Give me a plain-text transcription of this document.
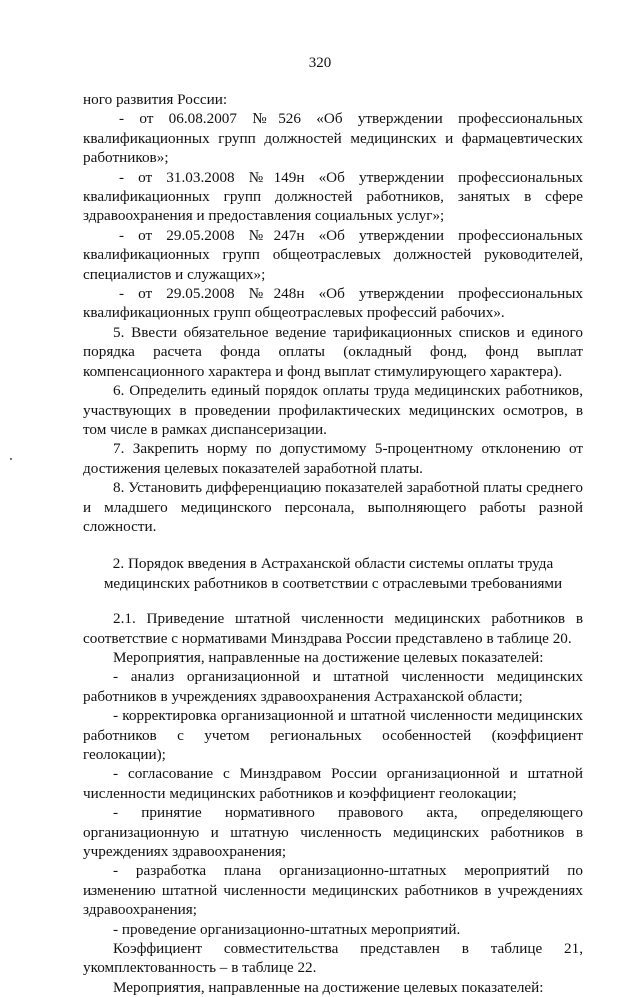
320

ного развития России:

- от 06.08.2007 №526 «Об утверждении профессиональных квалификационных групп должностей медицинских и фармацевтических работников»;

- от 31.03.2008 №149н «Об утверждении профессиональных квалификационных групп должностей работников, занятых в сфере здравоохранения и предоставления социальных услуг»;

- от 29.05.2008 №247н «Об утверждении профессиональных квалификационных групп общеотраслевых должностей руководителей, специалистов и служащих»;

- от 29.05.2008 №248н «Об утверждении профессиональных квалификационных групп общеотраслевых профессий рабочих».

5. Ввести обязательное ведение тарификационных списков и единого порядка расчета фонда оплаты (окладный фонд, фонд выплат компенсационного характера и фонд выплат стимулирующего характера).

6. Определить единый порядок оплаты труда медицинских работников, участвующих в проведении профилактических медицинских осмотров, в том числе в рамках диспансеризации.

7. Закрепить норму по допустимому 5-процентному отклонению от достижения целевых показателей заработной платы.

8. Установить дифференциацию показателей заработной платы среднего и младшего медицинского персонала, выполняющего работы разной сложности.

2. Порядок введения в Астраханской области системы оплаты труда медицинских работников в соответствии с отраслевыми требованиями

2.1. Приведение штатной численности медицинских работников в соответствие с нормативами Минздрава России представлено в таблице 20.

Мероприятия, направленные на достижение целевых показателей:

- анализ организационной и штатной численности медицинских работников в учреждениях здравоохранения Астраханской области;

- корректировка организационной и штатной численности медицинских работников с учетом региональных особенностей (коэффициент геолокации);

- согласование с Минздравом России организационной и штатной численности медицинских работников и коэффициент геолокации;

- принятие нормативного правового акта, определяющего организационную и штатную численность медицинских работников в учреждениях здравоохранения;

- разработка плана организационно-штатных мероприятий по изменению штатной численности медицинских работников в учреждениях здравоохранения;

- проведение организационно-штатных мероприятий.

Коэффициент совместительства представлен в таблице 21, укомплектованность – в таблице 22.

Мероприятия, направленные на достижение целевых показателей:
